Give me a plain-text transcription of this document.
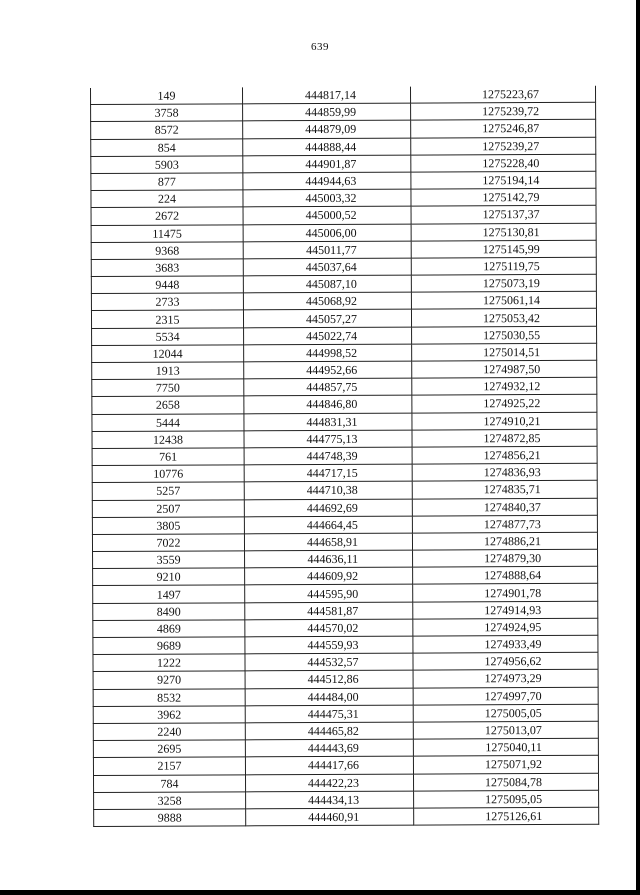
639
149	444817,14	1275223,67
3758	444859,99	1275239,72
8572	444879,09	1275246,87
854	444888,44	1275239,27
5903	444901,87	1275228,40
877	444944,63	1275194,14
224	445003,32	1275142,79
2672	445000,52	1275137,37
11475	445006,00	1275130,81
9368	445011,77	1275145,99
3683	445037,64	1275119,75
9448	445087,10	1275073,19
2733	445068,92	1275061,14
2315	445057,27	1275053,42
5534	445022,74	1275030,55
12044	444998,52	1275014,51
1913	444952,66	1274987,50
7750	444857,75	1274932,12
2658	444846,80	1274925,22
5444	444831,31	1274910,21
12438	444775,13	1274872,85
761	444748,39	1274856,21
10776	444717,15	1274836,93
5257	444710,38	1274835,71
2507	444692,69	1274840,37
3805	444664,45	1274877,73
7022	444658,91	1274886,21
3559	444636,11	1274879,30
9210	444609,92	1274888,64
1497	444595,90	1274901,78
8490	444581,87	1274914,93
4869	444570,02	1274924,95
9689	444559,93	1274933,49
1222	444532,57	1274956,62
9270	444512,86	1274973,29
8532	444484,00	1274997,70
3962	444475,31	1275005,05
2240	444465,82	1275013,07
2695	444443,69	1275040,11
2157	444417,66	1275071,92
784	444422,23	1275084,78
3258	444434,13	1275095,05
9888	444460,91	1275126,61
